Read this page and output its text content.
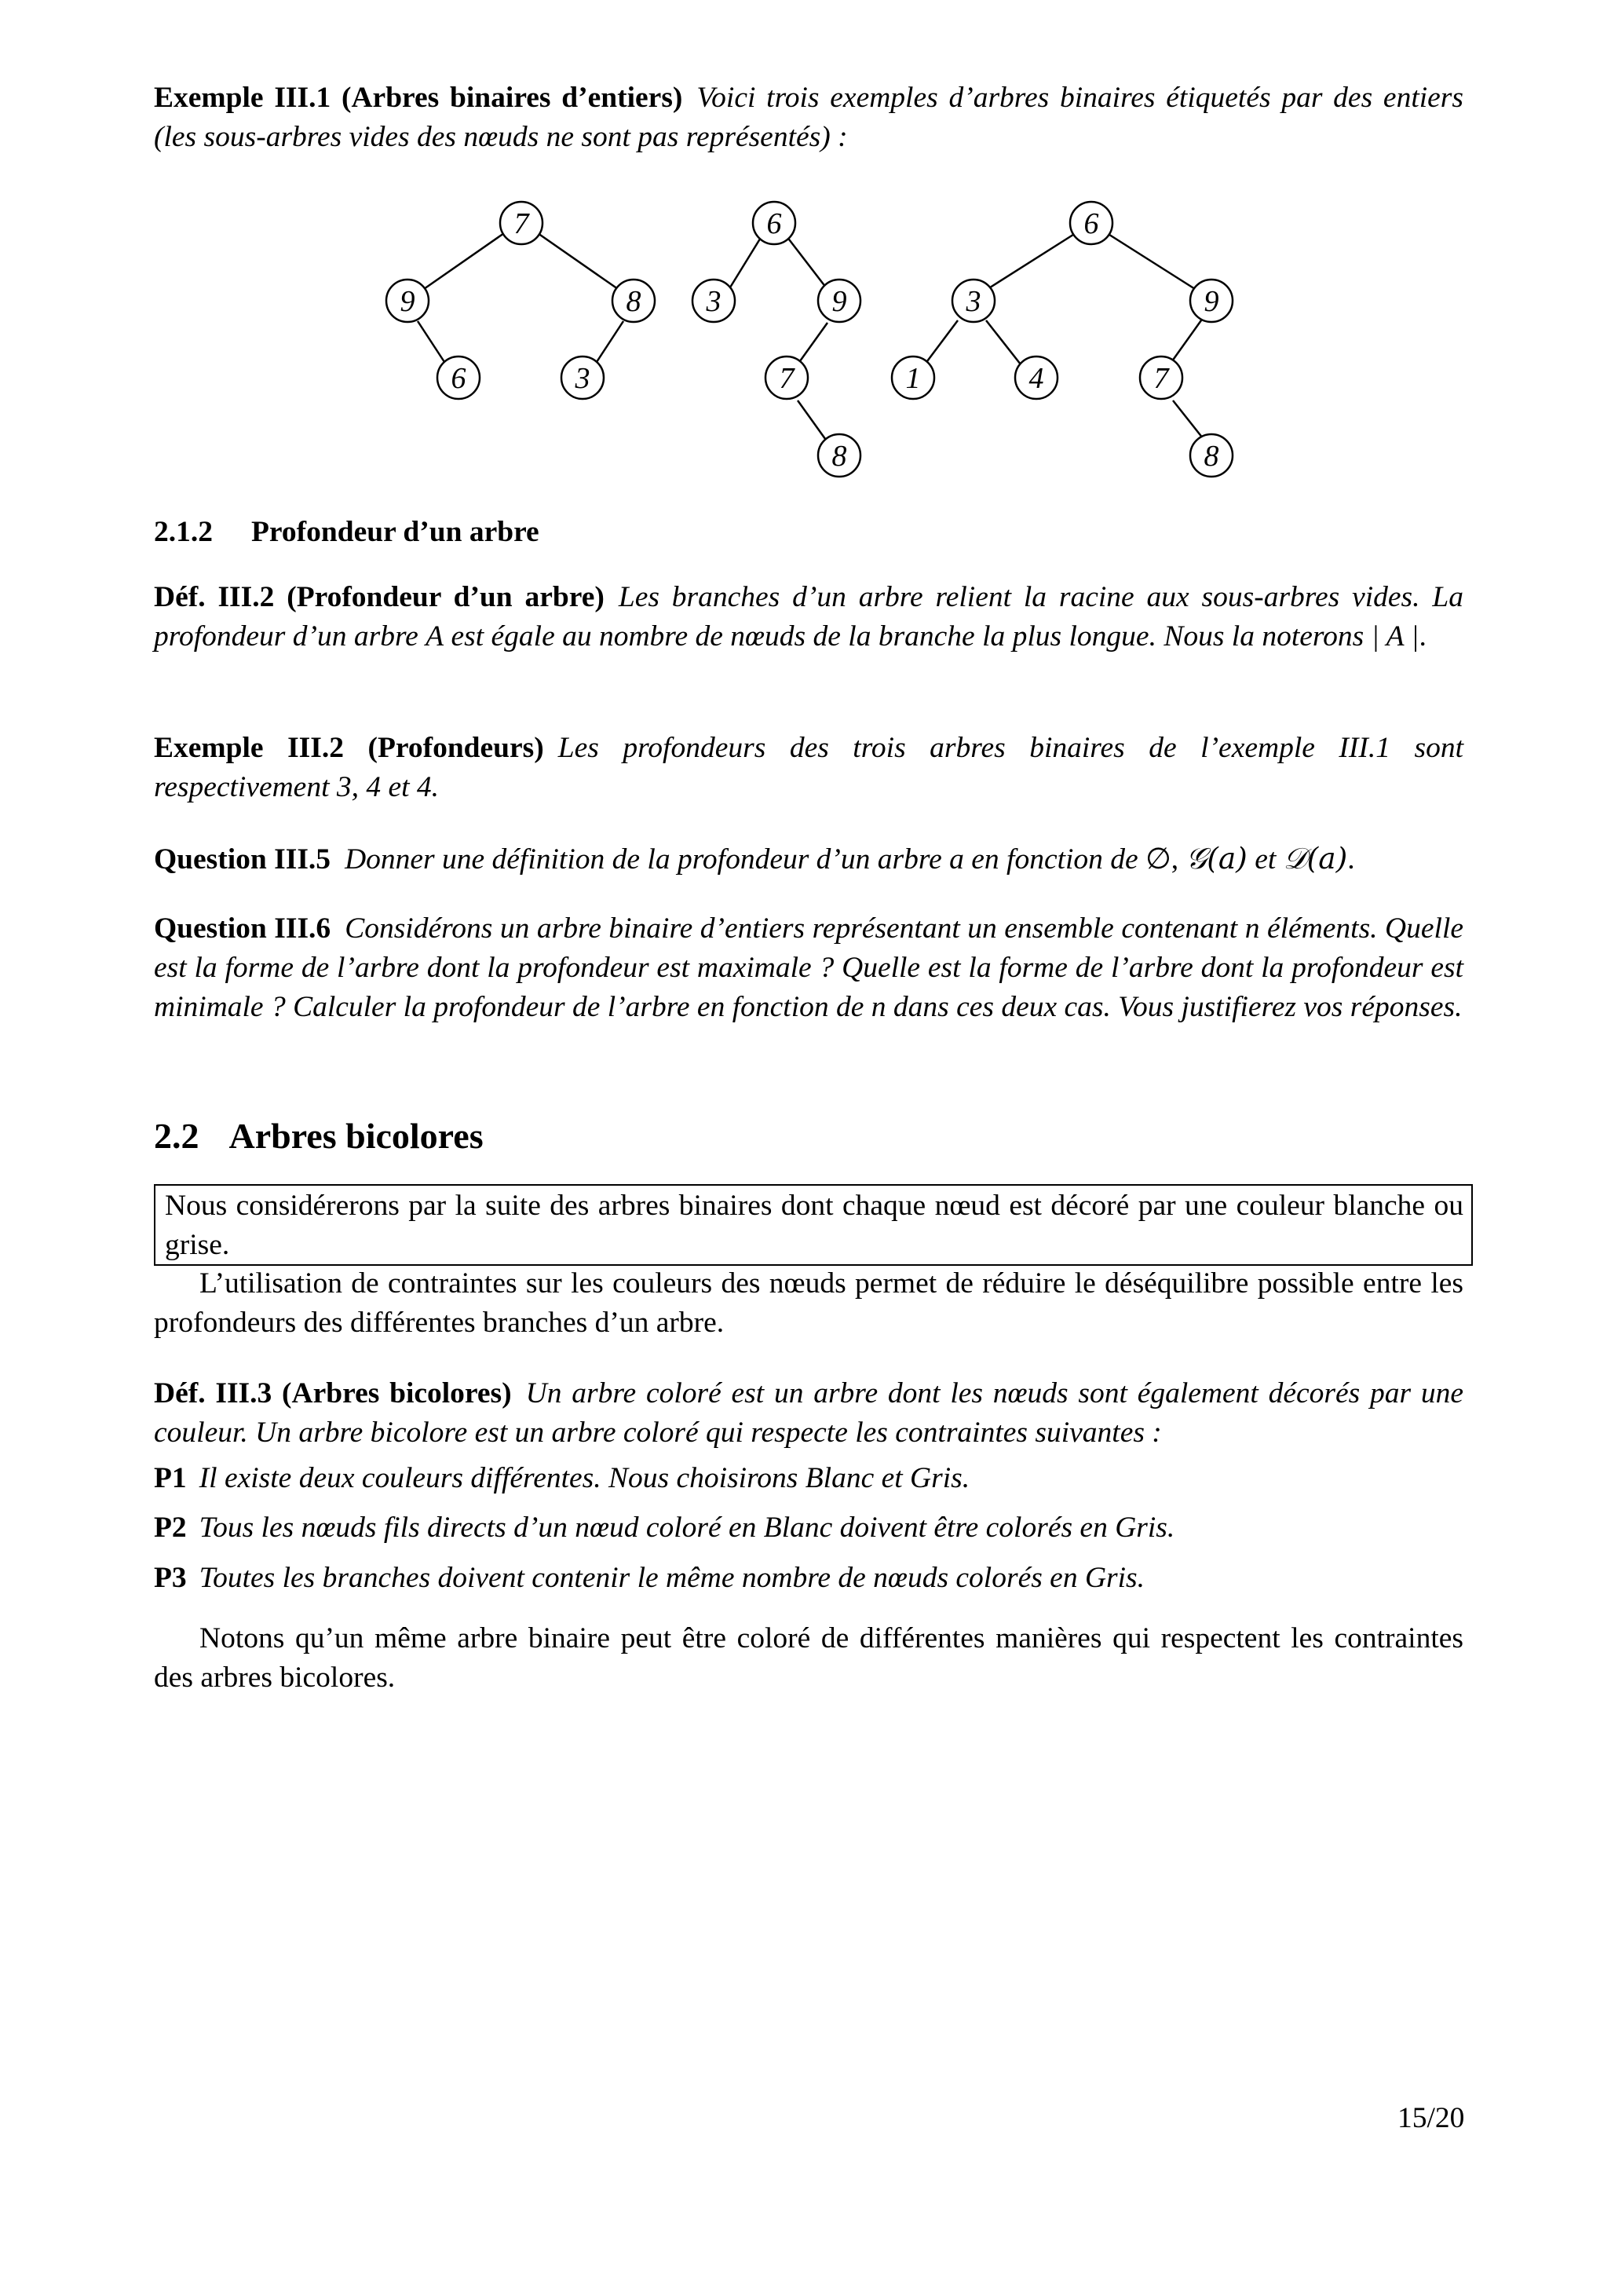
Exemple III.1 (Arbres binaires d’entiers) Voici trois exemples d’arbres binaires étiquetés par des entiers (les sous-arbres vides des nœuds ne sont pas représentés) :

7
9	8
6	3
6
3	9
7
8
6
3	9
1	4	7
8
2.1.2 Profondeur d’un arbre

Déf. III.2 (Profondeur d’un arbre) Les branches d’un arbre relient la racine aux sous-arbres vides. La profondeur d’un arbre A est égale au nombre de nœuds de la branche la plus longue. Nous la noterons | A |.

Exemple III.2 (Profondeurs) Les profondeurs des trois arbres binaires de l’exemple III.1 sont respectivement 3, 4 et 4.

Question III.5 Donner une définition de la profondeur d’un arbre a en fonction de ∅, 𝒢(a) et 𝒟(a).

Question III.6 Considérons un arbre binaire d’entiers représentant un ensemble contenant n éléments. Quelle est la forme de l’arbre dont la profondeur est maximale ? Quelle est la forme de l’arbre dont la profondeur est minimale ? Calculer la profondeur de l’arbre en fonction de n dans ces deux cas. Vous justifierez vos réponses.

2.2 Arbres bicolores
Nous considérerons par la suite des arbres binaires dont chaque nœud est décoré par une couleur blanche ou grise.

L’utilisation de contraintes sur les couleurs des nœuds permet de réduire le déséquilibre possible entre les profondeurs des différentes branches d’un arbre.

Déf. III.3 (Arbres bicolores) Un arbre coloré est un arbre dont les nœuds sont également décorés par une couleur. Un arbre bicolore est un arbre coloré qui respecte les contraintes suivantes :

P1 Il existe deux couleurs différentes. Nous choisirons Blanc et Gris.
P2 Tous les nœuds fils directs d’un nœud coloré en Blanc doivent être colorés en Gris.
P3 Toutes les branches doivent contenir le même nombre de nœuds colorés en Gris.

Notons qu’un même arbre binaire peut être coloré de différentes manières qui respectent les contraintes des arbres bicolores.

15/20
